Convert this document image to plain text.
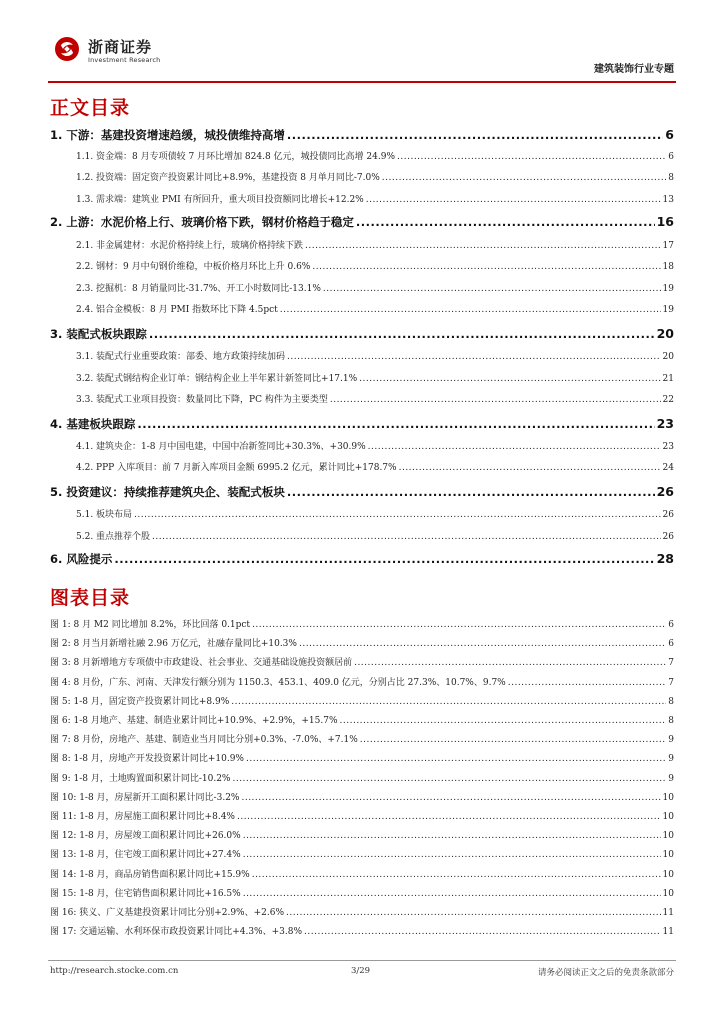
浙商证券
Investment Research
建筑装饰行业专题
正文目录
1. 下游：基建投资增速趋缓，城投债维持高增 .....	6
1.1. 资金端：8 月专项债较 7 月环比增加 824.8 亿元，城投债同比高增 24.9% .....	6
1.2. 投资端：固定资产投资累计同比+8.9%，基建投资 8 月单月同比-7.0% .....	8
1.3. 需求端：建筑业 PMI 有所回升，重大项目投资额同比增长+12.2% .....	13
2. 上游：水泥价格上行、玻璃价格下跌，钢材价格趋于稳定 .....	16
2.1. 非金属建材：水泥价格持续上行，玻璃价格持续下跌 .....	17
2.2. 钢材：9 月中旬钢价维稳，中板价格月环比上升 0.6% .....	18
2.3. 挖掘机：8 月销量同比-31.7%、开工小时数同比-13.1% .....	19
2.4. 铝合金模板：8 月 PMI 指数环比下降 4.5pct .....	19
3. 装配式板块跟踪 .....	20
3.1. 装配式行业重要政策：部委、地方政策持续加码 .....	20
3.2. 装配式钢结构企业订单：钢结构企业上半年累计新签同比+17.1% .....	21
3.3. 装配式工业项目投资：数量同比下降，PC 构件为主要类型 .....	22
4. 基建板块跟踪 .....	23
4.1. 建筑央企：1-8 月中国电建，中国中冶新签同比+30.3%、+30.9% .....	23
4.2. PPP 入库项目：前 7 月新入库项目金额 6995.2 亿元，累计同比+178.7% .....	24
5. 投资建议：持续推荐建筑央企、装配式板块 .....	26
5.1. 板块布局 .....	26
5.2. 重点推荐个股 .....	26
6. 风险提示 .....	28
图表目录
图 1: 8 月 M2 同比增加 8.2%，环比回落 0.1pct .....	6
图 2: 8 月当月新增社融 2.96 万亿元，社融存量同比+10.3% .....	6
图 3: 8 月新增地方专项债中市政建设、社会事业、交通基础设施投资额居前 .....	7
图 4: 8 月份，广东、河南、天津发行额分别为 1150.3、453.1、409.0 亿元，分别占比 27.3%、10.7%、9.7% .....	7
图 5: 1-8 月，固定资产投资累计同比+8.9% .....	8
图 6: 1-8 月地产、基建、制造业累计同比+10.9%、+2.9%，+15.7% .....	8
图 7: 8 月份，房地产、基建、制造业当月同比分别+0.3%、-7.0%、+7.1% .....	9
图 8: 1-8 月，房地产开发投资累计同比+10.9% .....	9
图 9: 1-8 月，土地购置面积累计同比-10.2% .....	9
图 10: 1-8 月，房屋新开工面积累计同比-3.2% .....	10
图 11: 1-8 月，房屋施工面积累计同比+8.4% .....	10
图 12: 1-8 月，房屋竣工面积累计同比+26.0% .....	10
图 13: 1-8 月，住宅竣工面积累计同比+27.4% .....	10
图 14: 1-8 月，商品房销售面积累计同比+15.9% .....	10
图 15: 1-8 月，住宅销售面积累计同比+16.5% .....	10
图 16: 狭义、广义基建投资累计同比分别+2.9%、+2.6% .....	11
图 17: 交通运输、水利环保市政投资累计同比+4.3%、+3.8% .....	11
http://research.stocke.com.cn	3/29	请务必阅读正文之后的免责条款部分
